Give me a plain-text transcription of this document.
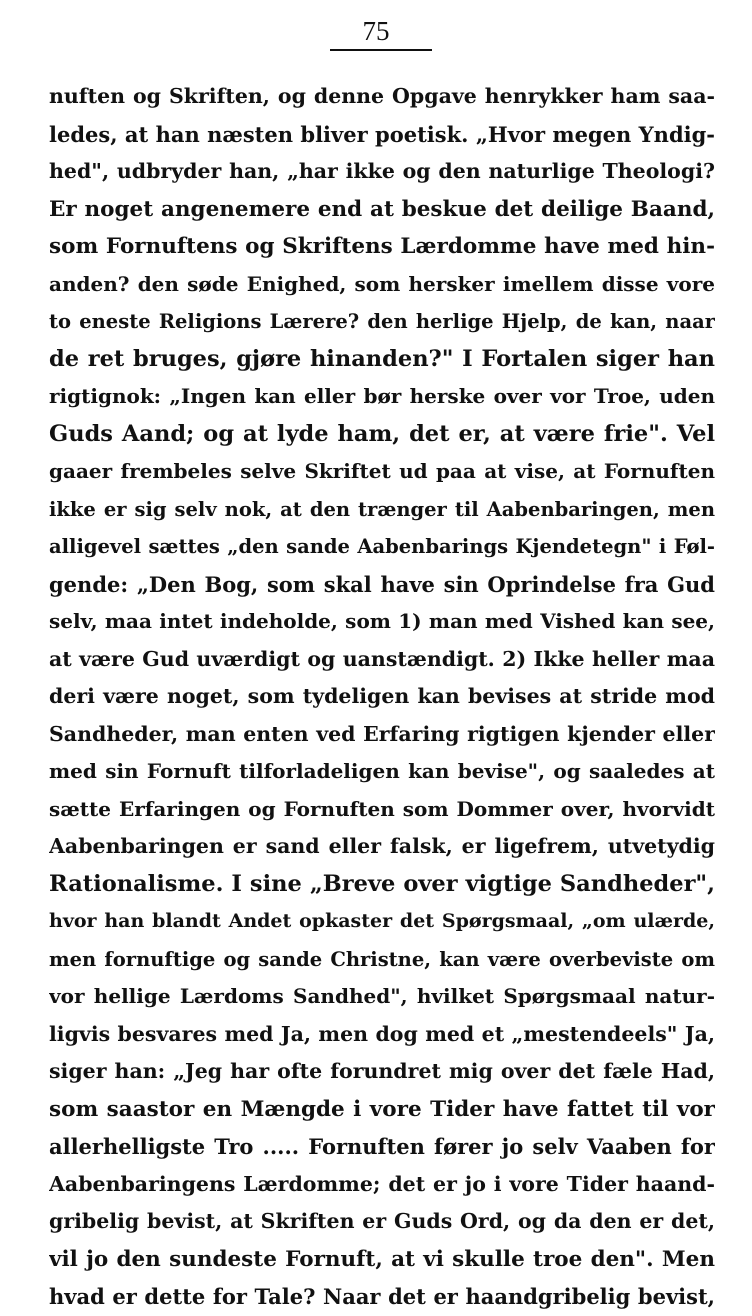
75
nuften og Skriften, og denne Opgave henrykker ham saa-
ledes, at han næsten bliver poetisk. „Hvor megen Yndig-
hed", udbryder han, „har ikke og den naturlige Theologi?
Er noget angenemere end at beskue det deilige Baand,
som Fornuftens og Skriftens Lærdomme have med hin-
anden? den søde Enighed, som hersker imellem disse vore
to eneste Religions Lærere? den herlige Hjelp, de kan, naar
de ret bruges, gjøre hinanden?" I Fortalen siger han
rigtignok: „Ingen kan eller bør herske over vor Troe, uden
Guds Aand; og at lyde ham, det er, at være frie". Vel
gaaer frembeles selve Skriftet ud paa at vise, at Fornuften
ikke er sig selv nok, at den trænger til Aabenbaringen, men
alligevel sættes „den sande Aabenbarings Kjendetegn" i Føl-
gende: „Den Bog, som skal have sin Oprindelse fra Gud
selv, maa intet indeholde, som 1) man med Vished kan see,
at være Gud uværdigt og uanstændigt. 2) Ikke heller maa
deri være noget, som tydeligen kan bevises at stride mod
Sandheder, man enten ved Erfaring rigtigen kjender eller
med sin Fornuft tilforladeligen kan bevise", og saaledes at
sætte Erfaringen og Fornuften som Dommer over, hvorvidt
Aabenbaringen er sand eller falsk, er ligefrem, utvetydig
Rationalisme. I sine „Breve over vigtige Sandheder",
hvor han blandt Andet opkaster det Spørgsmaal, „om ulærde,
men fornuftige og sande Christne, kan være overbeviste om
vor hellige Lærdoms Sandhed", hvilket Spørgsmaal natur-
ligvis besvares med Ja, men dog med et „mestendeels" Ja,
siger han: „Jeg har ofte forundret mig over det fæle Had,
som saastor en Mængde i vore Tider have fattet til vor
allerhelligste Tro ..... Fornuften fører jo selv Vaaben for
Aabenbaringens Lærdomme; det er jo i vore Tider haand-
gribelig bevist, at Skriften er Guds Ord, og da den er det,
vil jo den sundeste Fornuft, at vi skulle troe den". Men
hvad er dette for Tale? Naar det er haandgribelig bevist,
